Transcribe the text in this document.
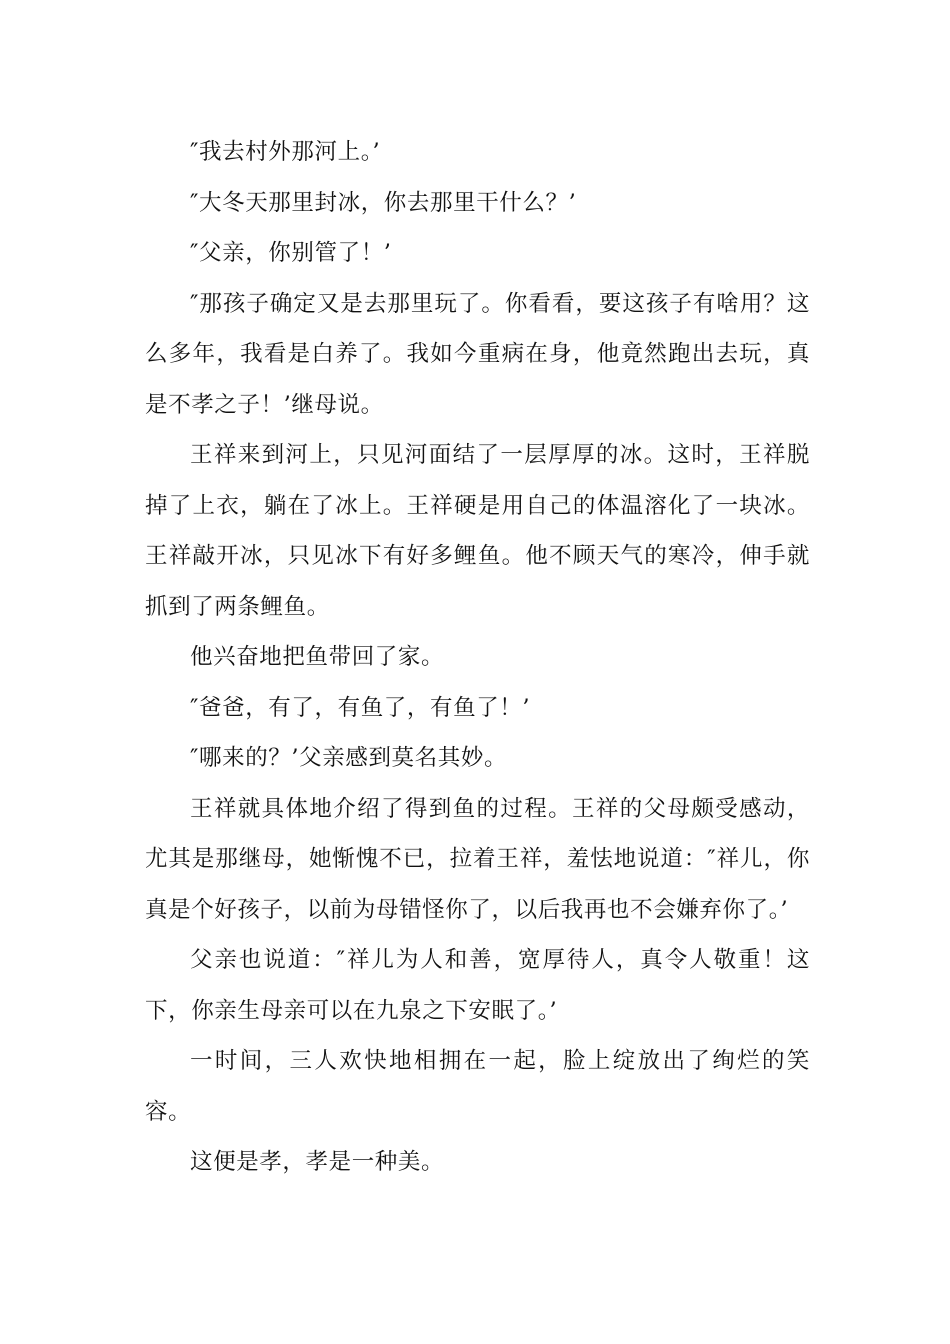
″我去村外那河上。’

″大冬天那里封冰，你去那里干什么？’

″父亲，你别管了！’

″那孩子确定又是去那里玩了。你看看，要这孩子有啥用？这么多年，我看是白养了。我如今重病在身，他竟然跑出去玩，真是不孝之子！’继母说。

王祥来到河上，只见河面结了一层厚厚的冰。这时，王祥脱掉了上衣，躺在了冰上。王祥硬是用自己的体温溶化了一块冰。王祥敲开冰，只见冰下有好多鲤鱼。他不顾天气的寒冷，伸手就抓到了两条鲤鱼。

他兴奋地把鱼带回了家。

″爸爸，有了，有鱼了，有鱼了！’

″哪来的？’父亲感到莫名其妙。

王祥就具体地介绍了得到鱼的过程。王祥的父母颇受感动，尤其是那继母，她惭愧不已，拉着王祥，羞怯地说道：″祥儿，你真是个好孩子，以前为母错怪你了，以后我再也不会嫌弃你了。’

父亲也说道：″祥儿为人和善，宽厚待人，真令人敬重！这下，你亲生母亲可以在九泉之下安眠了。’

一时间，三人欢快地相拥在一起，脸上绽放出了绚烂的笑容。

这便是孝，孝是一种美。
